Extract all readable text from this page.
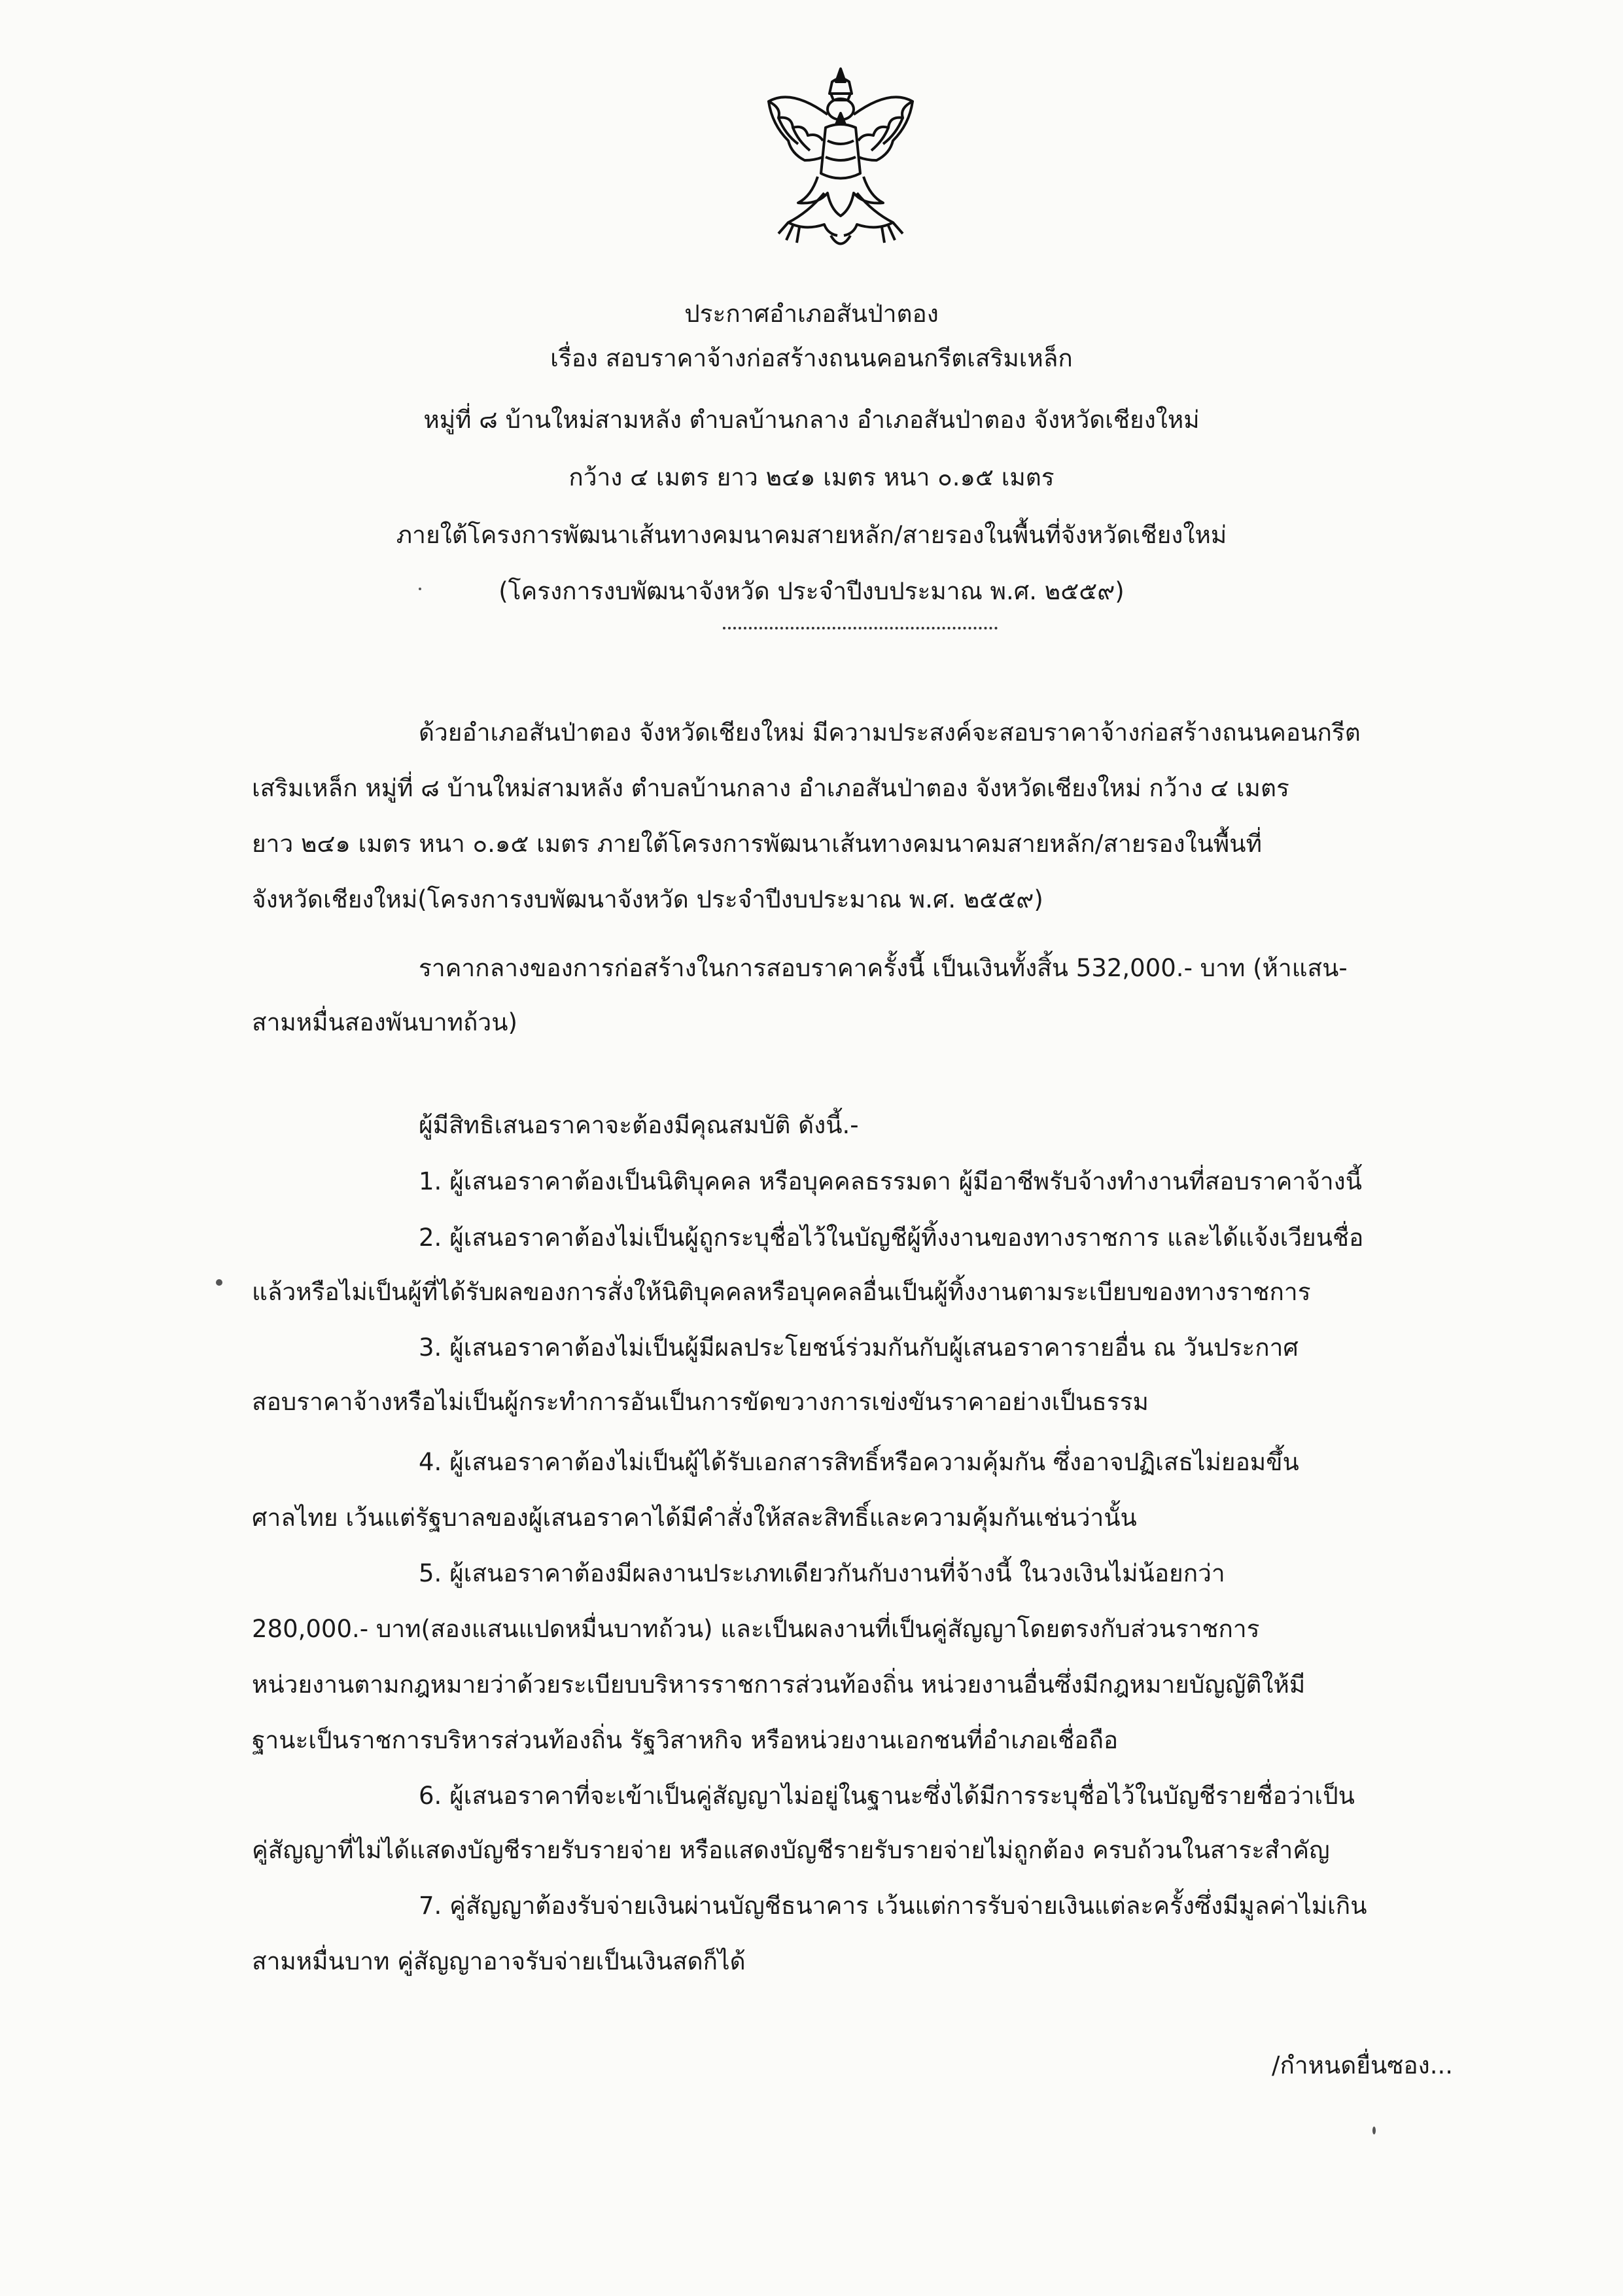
ประกาศอำเภอสันป่าตอง
เรื่อง สอบราคาจ้างก่อสร้างถนนคอนกรีตเสริมเหล็ก
หมู่ที่ ๘ บ้านใหม่สามหลัง ตำบลบ้านกลาง อำเภอสันป่าตอง จังหวัดเชียงใหม่
กว้าง ๔ เมตร ยาว ๒๔๑ เมตร หนา ๐.๑๕ เมตร
ภายใต้โครงการพัฒนาเส้นทางคมนาคมสายหลัก/สายรองในพื้นที่จังหวัดเชียงใหม่
(โครงการงบพัฒนาจังหวัด ประจำปีงบประมาณ พ.ศ. ๒๕๕๙)
ด้วยอำเภอสันป่าตอง จังหวัดเชียงใหม่ มีความประสงค์จะสอบราคาจ้างก่อสร้างถนนคอนกรีต
เสริมเหล็ก หมู่ที่ ๘ บ้านใหม่สามหลัง ตำบลบ้านกลาง อำเภอสันป่าตอง จังหวัดเชียงใหม่ กว้าง ๔ เมตร
ยาว ๒๔๑ เมตร หนา ๐.๑๕ เมตร ภายใต้โครงการพัฒนาเส้นทางคมนาคมสายหลัก/สายรองในพื้นที่
จังหวัดเชียงใหม่(โครงการงบพัฒนาจังหวัด ประจำปีงบประมาณ พ.ศ. ๒๕๕๙)
ราคากลางของการก่อสร้างในการสอบราคาครั้งนี้ เป็นเงินทั้งสิ้น 532,000.- บาท (ห้าแสน-
สามหมื่นสองพันบาทถ้วน)
ผู้มีสิทธิเสนอราคาจะต้องมีคุณสมบัติ ดังนี้.-
1. ผู้เสนอราคาต้องเป็นนิติบุคคล หรือบุคคลธรรมดา ผู้มีอาชีพรับจ้างทำงานที่สอบราคาจ้างนี้
2. ผู้เสนอราคาต้องไม่เป็นผู้ถูกระบุชื่อไว้ในบัญชีผู้ทิ้งงานของทางราชการ และได้แจ้งเวียนชื่อ
แล้วหรือไม่เป็นผู้ที่ได้รับผลของการสั่งให้นิติบุคคลหรือบุคคลอื่นเป็นผู้ทิ้งงานตามระเบียบของทางราชการ
3. ผู้เสนอราคาต้องไม่เป็นผู้มีผลประโยชน์ร่วมกันกับผู้เสนอราคารายอื่น ณ วันประกาศ
สอบราคาจ้างหรือไม่เป็นผู้กระทำการอันเป็นการขัดขวางการเข่งขันราคาอย่างเป็นธรรม
4. ผู้เสนอราคาต้องไม่เป็นผู้ได้รับเอกสารสิทธิ์หรือความคุ้มกัน ซึ่งอาจปฏิเสธไม่ยอมขึ้น
ศาลไทย เว้นแต่รัฐบาลของผู้เสนอราคาได้มีคำสั่งให้สละสิทธิ์และความคุ้มกันเช่นว่านั้น
5. ผู้เสนอราคาต้องมีผลงานประเภทเดียวกันกับงานที่จ้างนี้ ในวงเงินไม่น้อยกว่า
280,000.- บาท(สองแสนแปดหมื่นบาทถ้วน) และเป็นผลงานที่เป็นคู่สัญญาโดยตรงกับส่วนราชการ
หน่วยงานตามกฎหมายว่าด้วยระเบียบบริหารราชการส่วนท้องถิ่น หน่วยงานอื่นซึ่งมีกฎหมายบัญญัติให้มี
ฐานะเป็นราชการบริหารส่วนท้องถิ่น รัฐวิสาหกิจ หรือหน่วยงานเอกชนที่อำเภอเชื่อถือ
6. ผู้เสนอราคาที่จะเข้าเป็นคู่สัญญาไม่อยู่ในฐานะซึ่งได้มีการระบุชื่อไว้ในบัญชีรายชื่อว่าเป็น
คู่สัญญาที่ไม่ได้แสดงบัญชีรายรับรายจ่าย หรือแสดงบัญชีรายรับรายจ่ายไม่ถูกต้อง ครบถ้วนในสาระสำคัญ
7. คู่สัญญาต้องรับจ่ายเงินผ่านบัญชีธนาคาร เว้นแต่การรับจ่ายเงินแต่ละครั้งซึ่งมีมูลค่าไม่เกิน
สามหมื่นบาท คู่สัญญาอาจรับจ่ายเป็นเงินสดก็ได้
/กำหนดยื่นซอง...
